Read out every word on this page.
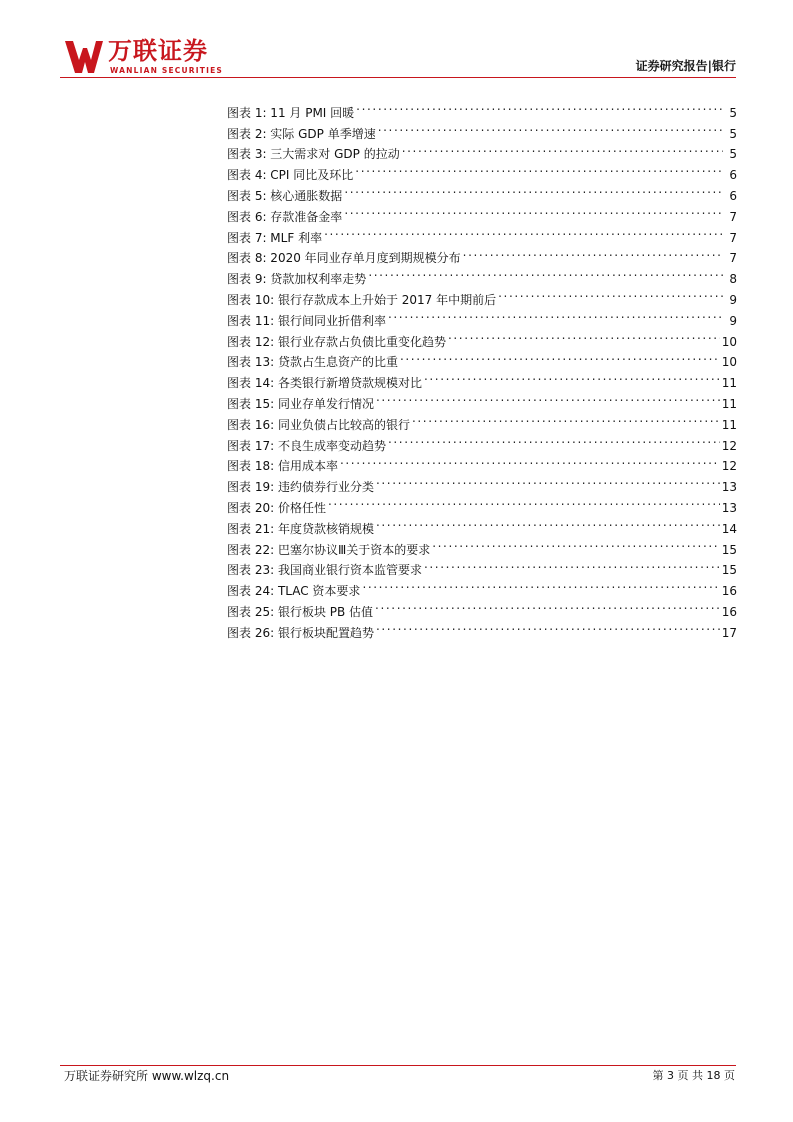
万联证券
WANLIAN SECURITIES	证券研究报告|银行
图表 1: 11 月 PMI 回暖 .....	5
图表 2: 实际 GDP 单季增速 .....	5
图表 3: 三大需求对 GDP 的拉动 .....	5
图表 4: CPI 同比及环比 .....	6
图表 5: 核心通胀数据 .....	6
图表 6: 存款准备金率 .....	7
图表 7: MLF 利率 .....	7
图表 8: 2020 年同业存单月度到期规模分布 .....	7
图表 9: 贷款加权利率走势 .....	8
图表 10: 银行存款成本上升始于 2017 年中期前后 .....	9
图表 11: 银行间同业折借利率 .....	9
图表 12: 银行业存款占负债比重变化趋势 .....	10
图表 13: 贷款占生息资产的比重 .....	10
图表 14: 各类银行新增贷款规模对比 .....	11
图表 15: 同业存单发行情况 .....	11
图表 16: 同业负债占比较高的银行 .....	11
图表 17: 不良生成率变动趋势 .....	12
图表 18: 信用成本率 .....	12
图表 19: 违约债券行业分类 .....	13
图表 20: 价格任性 .....	13
图表 21: 年度贷款核销规模 .....	14
图表 22: 巴塞尔协议Ⅲ关于资本的要求 .....	15
图表 23: 我国商业银行资本监管要求 .....	15
图表 24: TLAC 资本要求 .....	16
图表 25: 银行板块 PB 估值 .....	16
图表 26: 银行板块配置趋势 .....	17
万联证券研究所 www.wlzq.cn	第 3 页 共 18 页
